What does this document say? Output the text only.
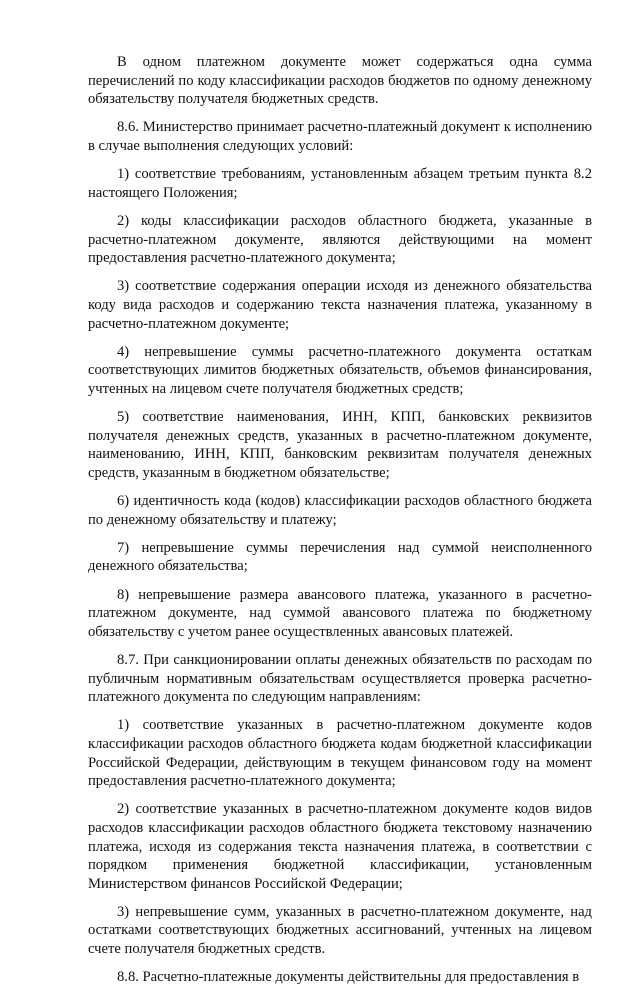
В одном платежном документе может содержаться одна сумма перечислений по коду классификации расходов бюджетов по одному денежному обязательству получателя бюджетных средств.

8.6. Министерство принимает расчетно-платежный документ к исполнению в случае выполнения следующих условий:

1) соответствие требованиям, установленным абзацем третьим пункта 8.2 настоящего Положения;

2) коды классификации расходов областного бюджета, указанные в расчетно-платежном документе, являются действующими на момент предоставления расчетно-платежного документа;

3) соответствие содержания операции исходя из денежного обязательства коду вида расходов и содержанию текста назначения платежа, указанному в расчетно-платежном документе;

4) непревышение суммы расчетно-платежного документа остаткам соответствующих лимитов бюджетных обязательств, объемов финансирования, учтенных на лицевом счете получателя бюджетных средств;

5) соответствие наименования, ИНН, КПП, банковских реквизитов получателя денежных средств, указанных в расчетно-платежном документе, наименованию, ИНН, КПП, банковским реквизитам получателя денежных средств, указанным в бюджетном обязательстве;

6) идентичность кода (кодов) классификации расходов областного бюджета по денежному обязательству и платежу;

7) непревышение суммы перечисления над суммой неисполненного денежного обязательства;

8) непревышение размера авансового платежа, указанного в расчетно-платежном документе, над суммой авансового платежа по бюджетному обязательству с учетом ранее осуществленных авансовых платежей.

8.7. При санкционировании оплаты денежных обязательств по расходам по публичным нормативным обязательствам осуществляется проверка расчетно-платежного документа по следующим направлениям:

1) соответствие указанных в расчетно-платежном документе кодов классификации расходов областного бюджета кодам бюджетной классификации Российской Федерации, действующим в текущем финансовом году на момент предоставления расчетно-платежного документа;

2) соответствие указанных в расчетно-платежном документе кодов видов расходов классификации расходов областного бюджета текстовому назначению платежа, исходя из содержания текста назначения платежа, в соответствии с порядком применения бюджетной классификации, установленным Министерством финансов Российской Федерации;

3) непревышение сумм, указанных в расчетно-платежном документе, над остатками соответствующих бюджетных ассигнований, учтенных на лицевом счете получателя бюджетных средств.

8.8. Расчетно-платежные документы действительны для предоставления в
